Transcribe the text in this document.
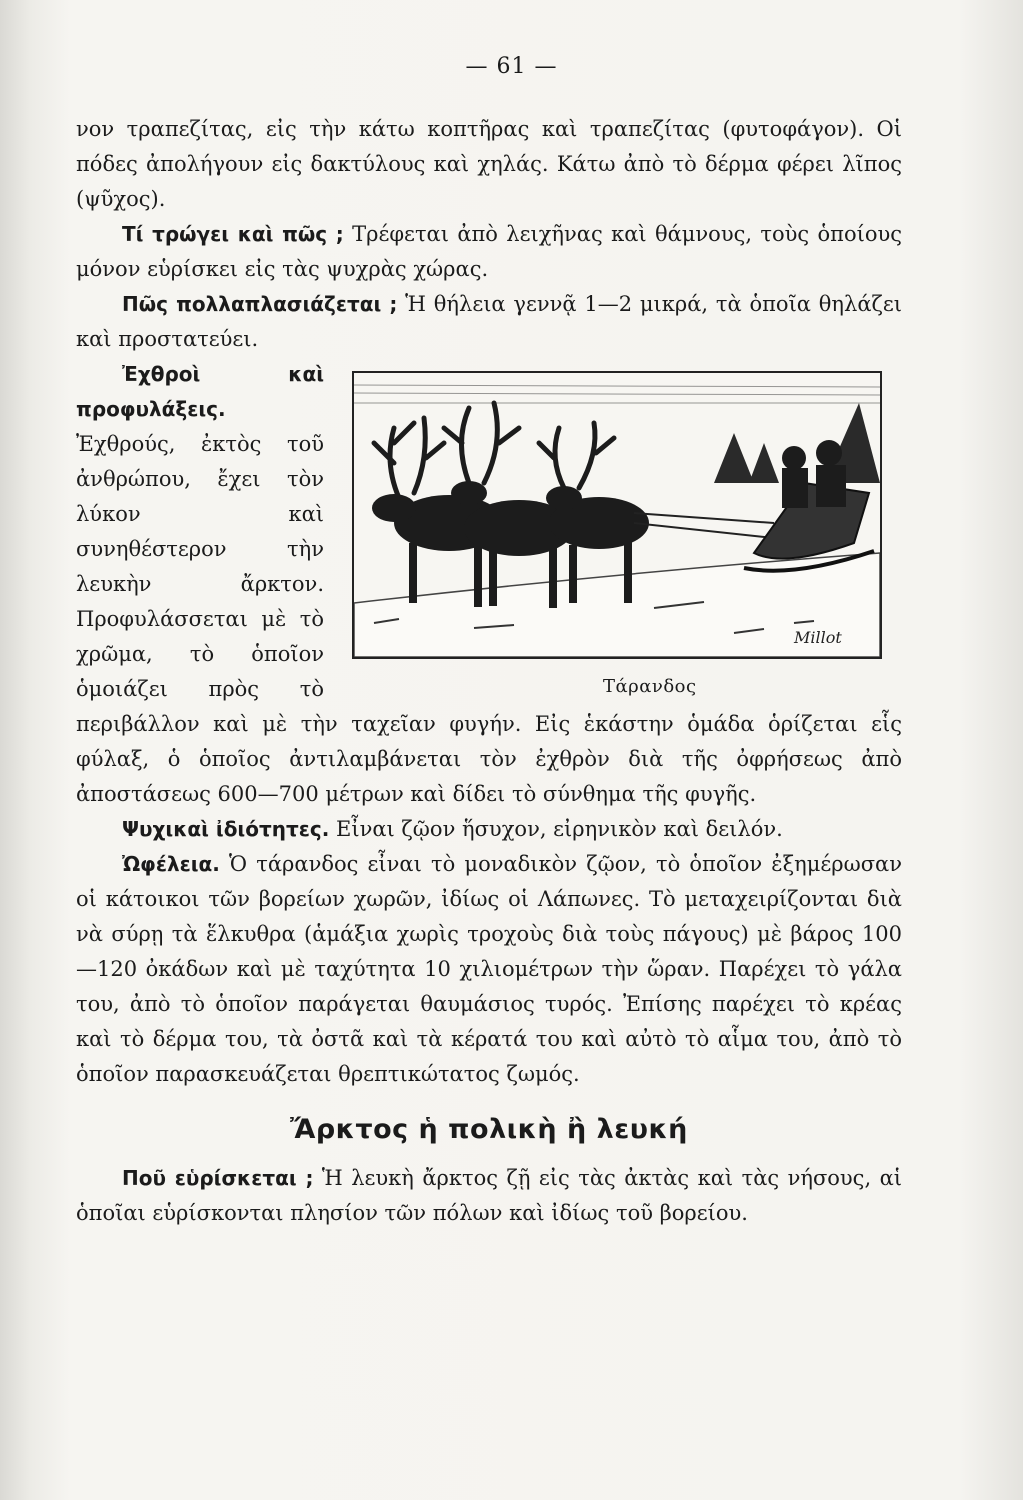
— 61 —

νον τραπεζίτας, εἰς τὴν κάτω κοπτῆρας καὶ τραπεζίτας (φυτοφάγον). Οἱ πόδες ἀπολήγουν εἰς δακτύλους καὶ χηλάς. Κάτω ἀπὸ τὸ δέρμα φέρει λῖπος (ψῦχος).

Τί τρώγει καὶ πῶς ; Τρέφεται ἀπὸ λειχῆνας καὶ θάμνους, τοὺς ὁποίους μόνον εὑρίσκει εἰς τὰς ψυχρὰς χώρας.

Πῶς πολλαπλασιάζεται ; Ἡ θήλεια γεννᾷ 1—2 μικρά, τὰ ὁποῖα θηλάζει καὶ προστατεύει.

Millot
Τάρανδος
Ἐχθροὶ καὶ προφυλάξεις. Ἐχθρούς, ἐκτὸς τοῦ ἀνθρώπου, ἔχει τὸν λύκον καὶ συνηθέστερον τὴν λευκὴν ἄρκτον. Προφυλάσσεται μὲ τὸ χρῶμα, τὸ ὁποῖον ὁμοιάζει πρὸς τὸ περιβάλλον καὶ μὲ τὴν ταχεῖαν φυγήν. Εἰς ἑκάστην ὁμάδα ὁρίζεται εἷς φύλαξ, ὁ ὁποῖος ἀντιλαμβάνεται τὸν ἐχθρὸν διὰ τῆς ὀφρήσεως ἀπὸ ἀποστάσεως 600—700 μέτρων καὶ δίδει τὸ σύνθημα τῆς φυγῆς.

Ψυχικαὶ ἰδιότητες. Εἶναι ζῷον ἥσυχον, εἰρηνικὸν καὶ δειλόν.

Ὠφέλεια. Ὁ τάρανδος εἶναι τὸ μοναδικὸν ζῷον, τὸ ὁποῖον ἐξημέρωσαν οἱ κάτοικοι τῶν βορείων χωρῶν, ἰδίως οἱ Λάπωνες. Τὸ μεταχειρίζονται διὰ νὰ σύρῃ τὰ ἕλκυθρα (ἁμάξια χωρὶς τροχοὺς διὰ τοὺς πάγους) μὲ βάρος 100—120 ὀκάδων καὶ μὲ ταχύτητα 10 χιλιομέτρων τὴν ὥραν. Παρέχει τὸ γάλα του, ἀπὸ τὸ ὁποῖον παράγεται θαυμάσιος τυρός. Ἐπίσης παρέχει τὸ κρέας καὶ τὸ δέρμα του, τὰ ὀστᾶ καὶ τὰ κέρατά του καὶ αὐτὸ τὸ αἷμα του, ἀπὸ τὸ ὁποῖον παρασκευάζεται θρεπτικώτατος ζωμός.

Ἄρκτος ἡ πολικὴ ἢ λευκή

Ποῦ εὑρίσκεται ; Ἡ λευκὴ ἄρκτος ζῇ εἰς τὰς ἀκτὰς καὶ τὰς νήσους, αἱ ὁποῖαι εὑρίσκονται πλησίον τῶν πόλων καὶ ἰδίως τοῦ βορείου.
